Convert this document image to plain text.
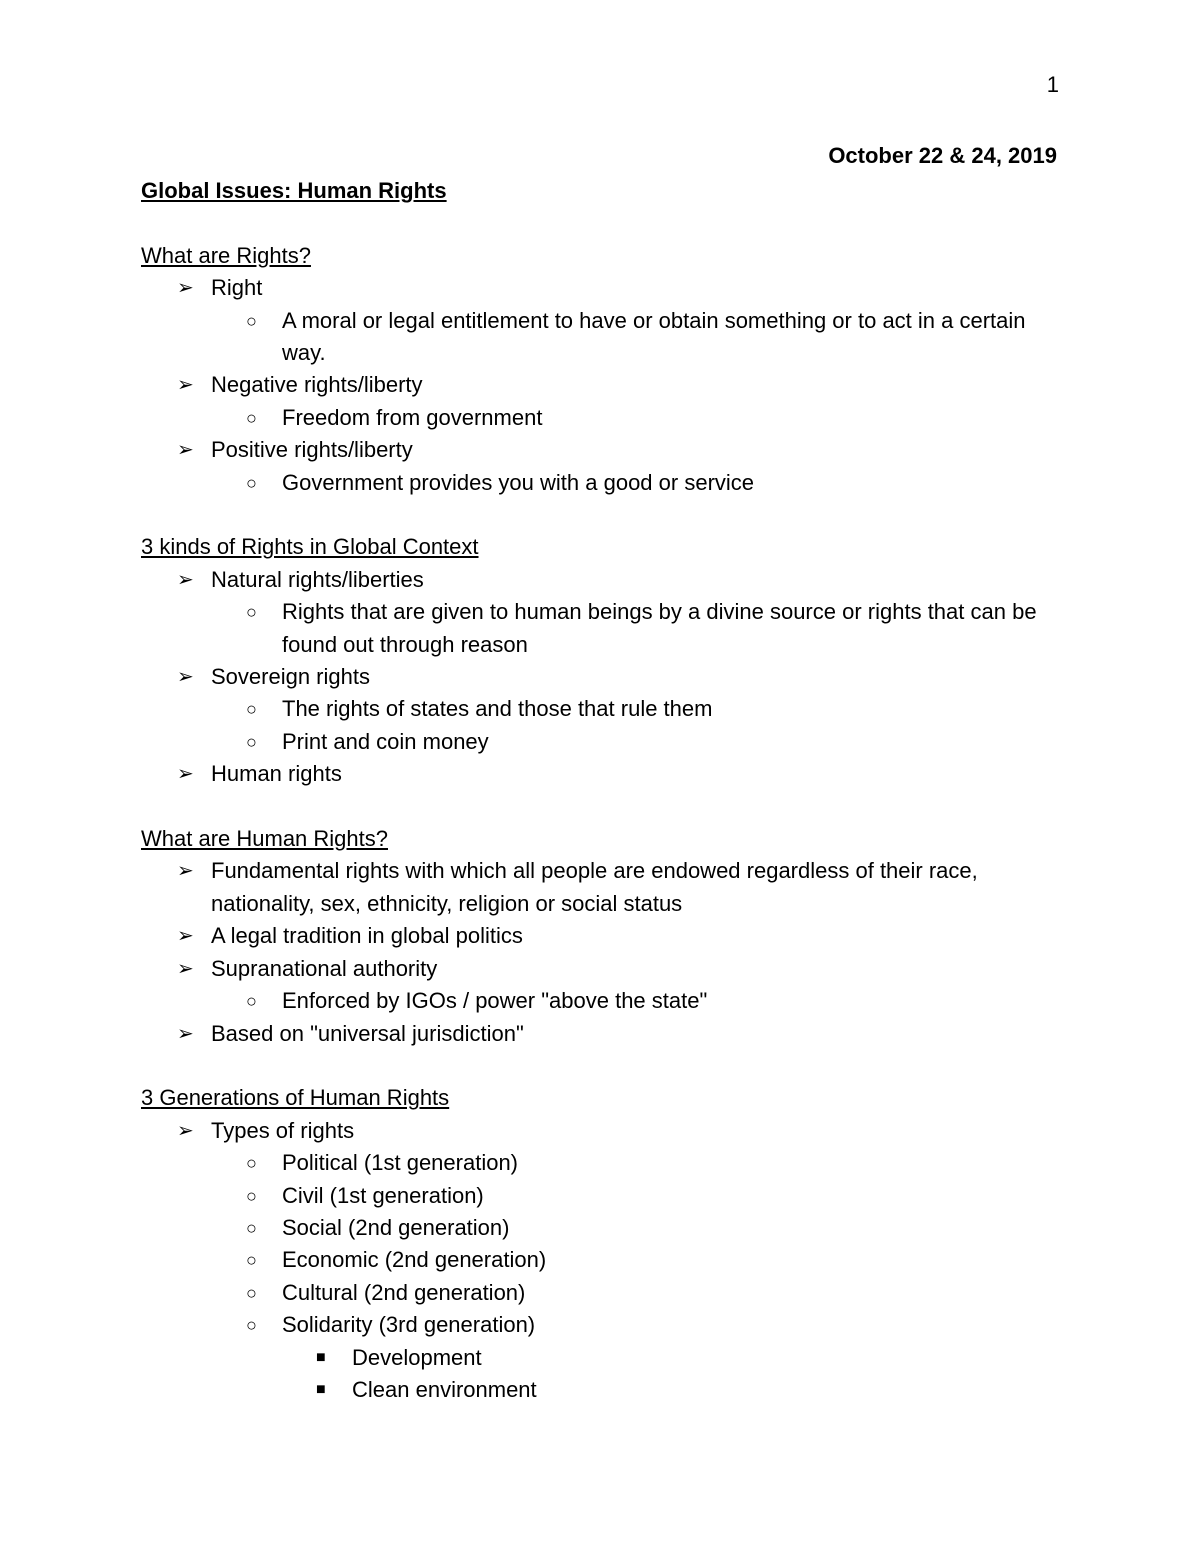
1
October 22 & 24, 2019
Global Issues: Human Rights
What are Rights?
➢ Right
○ A moral or legal entitlement to have or obtain something or to act in a certain way.
➢ Negative rights/liberty
○ Freedom from government
➢ Positive rights/liberty
○ Government provides you with a good or service
3 kinds of Rights in Global Context
➢ Natural rights/liberties
○ Rights that are given to human beings by a divine source or rights that can be found out through reason
➢ Sovereign rights
○ The rights of states and those that rule them
○ Print and coin money
➢ Human rights
What are Human Rights?
➢ Fundamental rights with which all people are endowed regardless of their race, nationality, sex, ethnicity, religion or social status
➢ A legal tradition in global politics
➢ Supranational authority
○ Enforced by IGOs / power "above the state"
➢ Based on "universal jurisdiction"
3 Generations of Human Rights
➢ Types of rights
○ Political (1st generation)
○ Civil (1st generation)
○ Social (2nd generation)
○ Economic (2nd generation)
○ Cultural (2nd generation)
○ Solidarity (3rd generation)
■ Development
■ Clean environment
